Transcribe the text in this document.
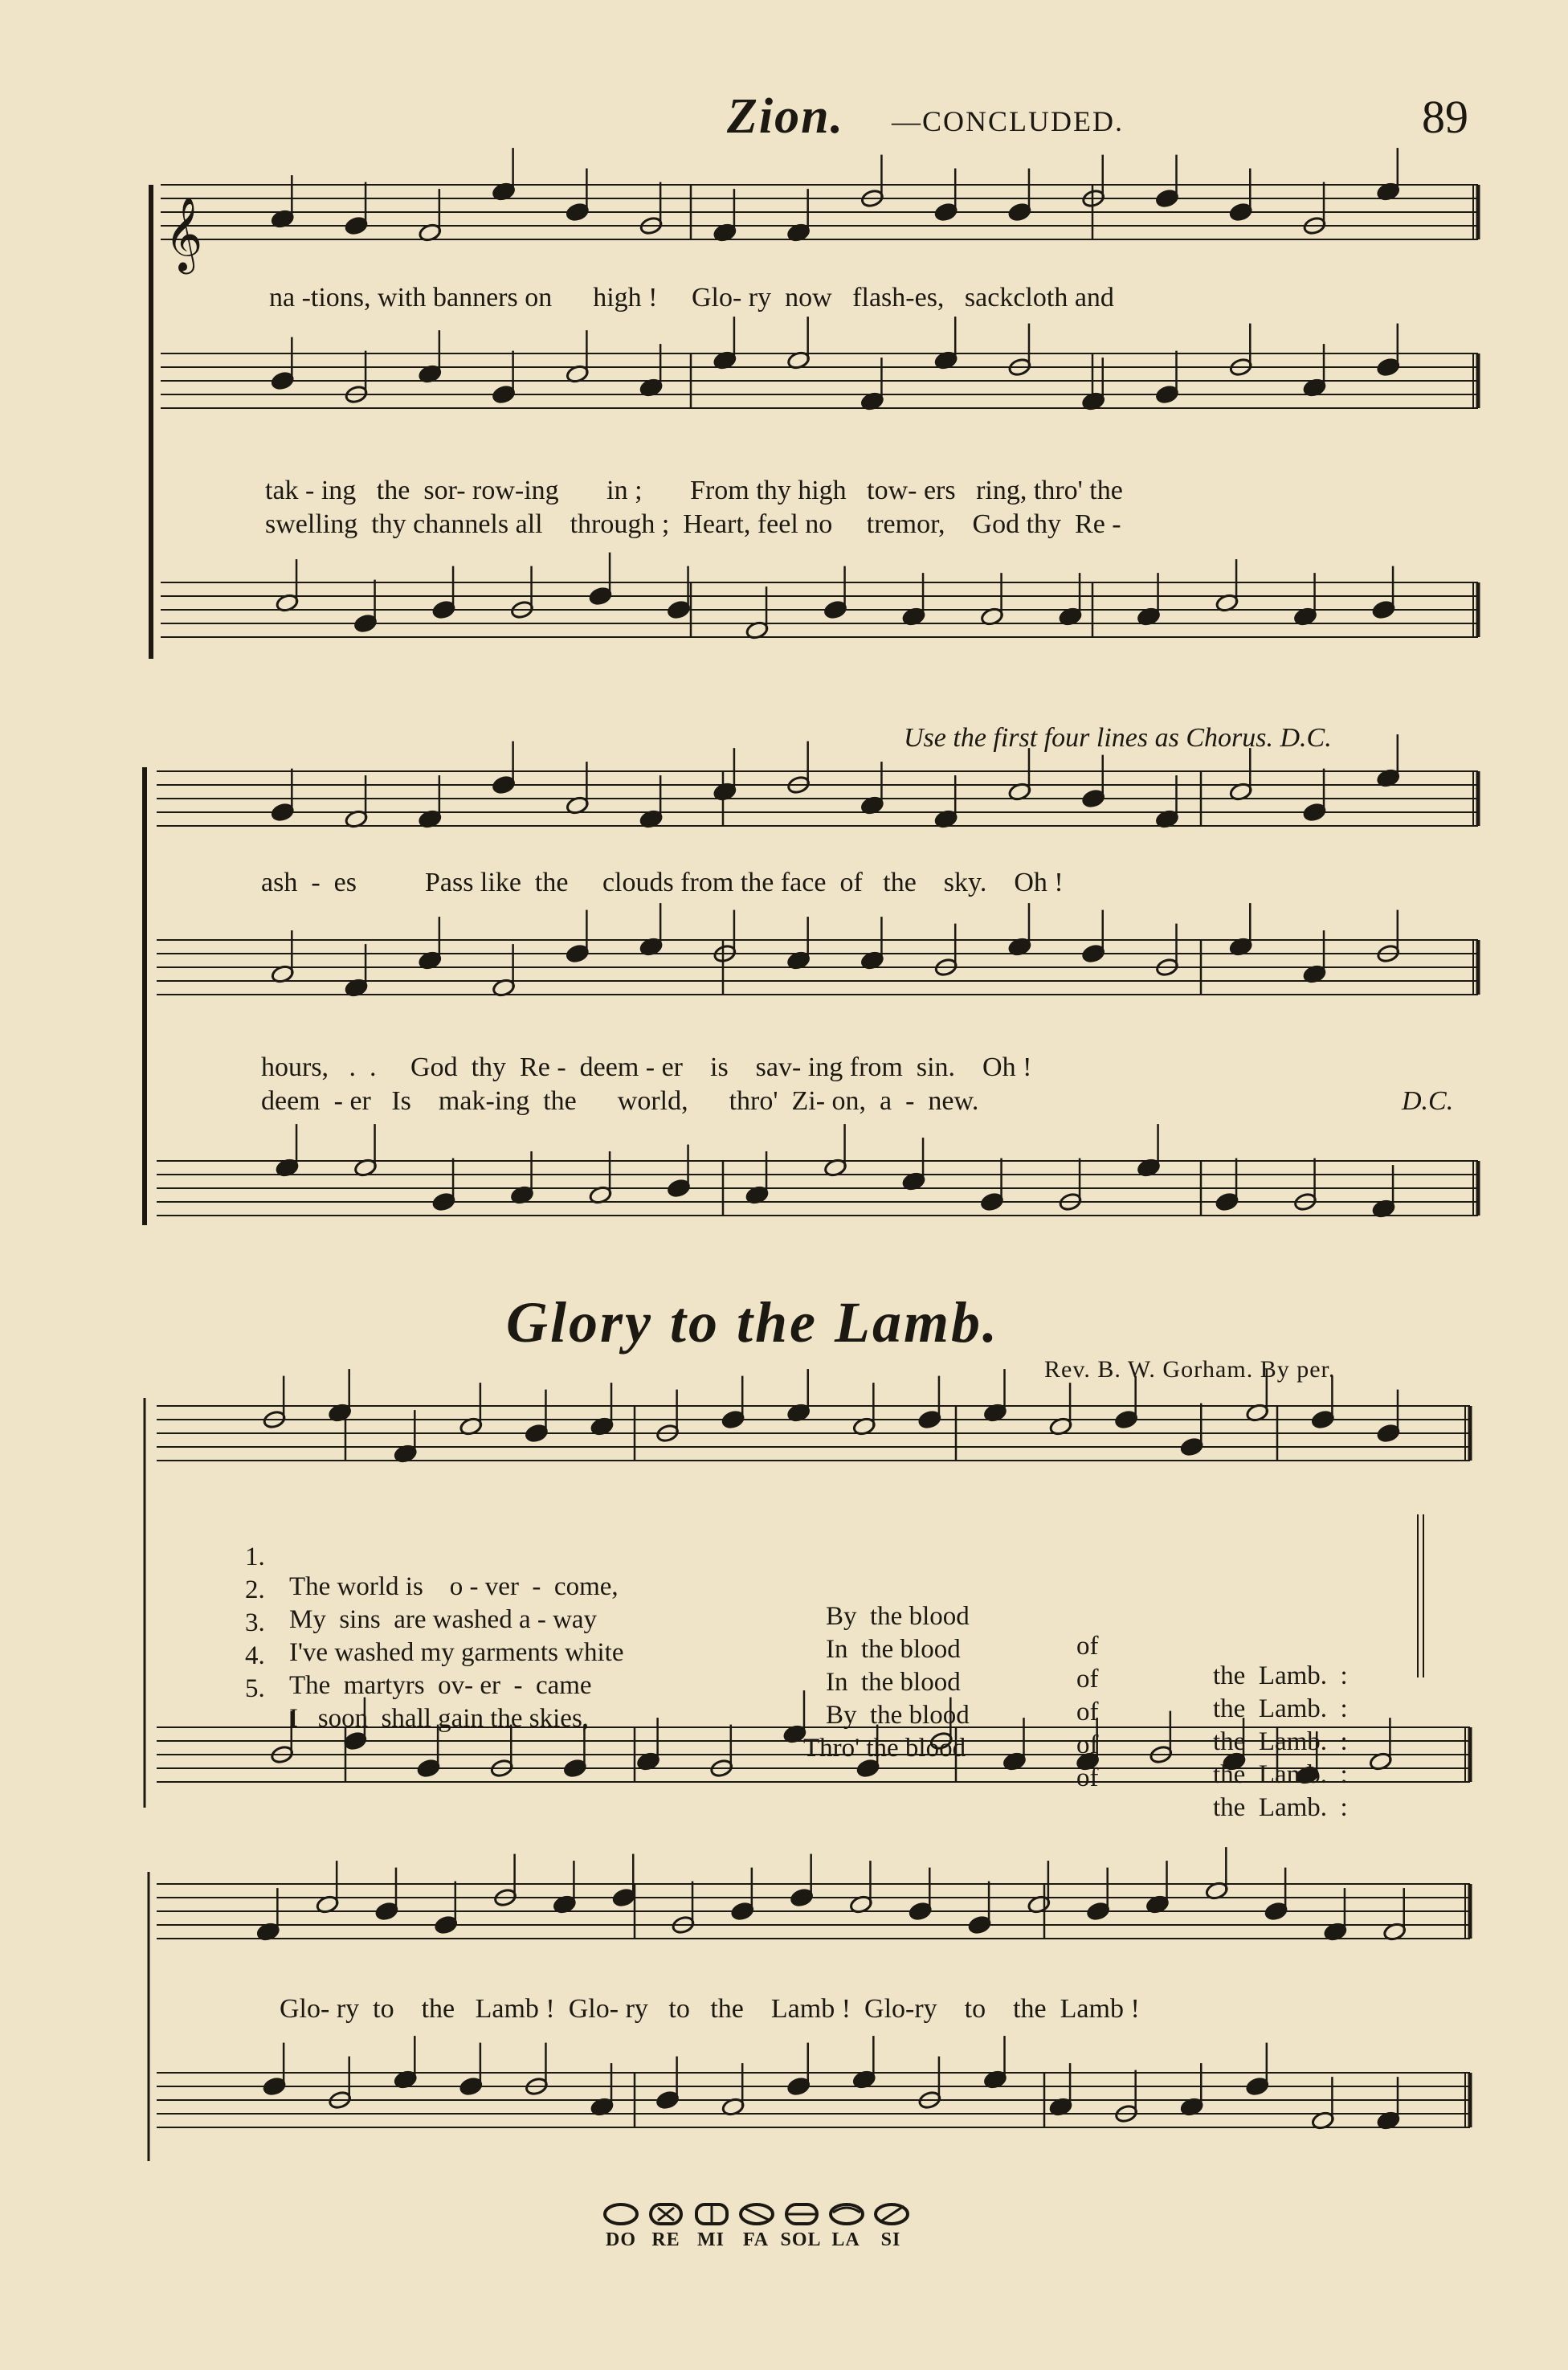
𝄞
Zion. —CONCLUDED.	89
na -tions, with banners on      high !     Glo- ry  now   flash-es,   sackcloth and
tak - ing   the  sor- row-ing       in ;       From thy high   tow- ers   ring, thro' the
swelling  thy channels all    through ;  Heart, feel no     tremor,    God thy  Re -
Use the first four lines as Chorus. D.C.
ash  -  es          Pass like  the     clouds from the face  of   the    sky.    Oh !
hours,   .  .     God  thy  Re -  deem - er    is    sav- ing from  sin.    Oh !
deem  - er   Is    mak-ing  the      world,      thro'  Zi- on,  a  -  new.	D.C.
Glory to the Lamb.
Rev. B. W. Gorham. By per.

1.

The world is    o - ver  -  come,

By  the blood

of

the  Lamb.  :

2.

My  sins  are washed a - way

In  the blood

of

the  Lamb.  :

3.

I've washed my garments white

In  the blood

of

the  Lamb.  :

4.

The  martyrs  ov- er  -  came

By  the blood

of

the  Lamb.  :

5.

I   soon  shall gain the skies,

Thro' the blood

of

the  Lamb.  :

Glo- ry  to    the   Lamb !  Glo- ry   to   the    Lamb !  Glo-ry    to    the  Lamb !
DO RE MI FA SOL LA SI
